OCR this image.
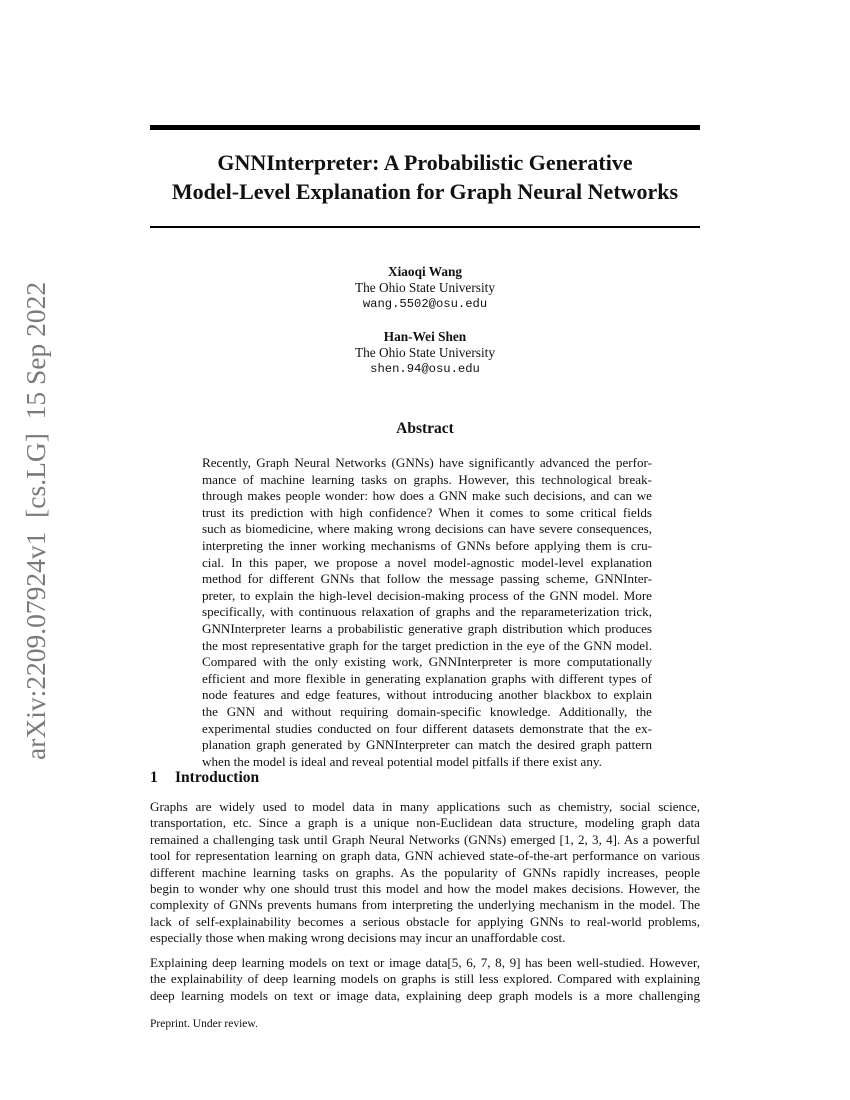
arXiv:2209.07924v1  [cs.LG]  15 Sep 2022
GNNInterpreter: A Probabilistic Generative
Model-Level Explanation for Graph Neural Networks
Xiaoqi Wang
The Ohio State University
wang.5502@osu.edu
Han-Wei Shen
The Ohio State University
shen.94@osu.edu
Abstract
Recently, Graph Neural Networks (GNNs) have significantly advanced the perfor-
mance of machine learning tasks on graphs. However, this technological break-
through makes people wonder: how does a GNN make such decisions, and can we
trust its prediction with high confidence? When it comes to some critical fields
such as biomedicine, where making wrong decisions can have severe consequences,
interpreting the inner working mechanisms of GNNs before applying them is cru-
cial. In this paper, we propose a novel model-agnostic model-level explanation
method for different GNNs that follow the message passing scheme, GNNInter-
preter, to explain the high-level decision-making process of the GNN model. More
specifically, with continuous relaxation of graphs and the reparameterization trick,
GNNInterpreter learns a probabilistic generative graph distribution which produces
the most representative graph for the target prediction in the eye of the GNN model.
Compared with the only existing work, GNNInterpreter is more computationally
efficient and more flexible in generating explanation graphs with different types of
node features and edge features, without introducing another blackbox to explain
the GNN and without requiring domain-specific knowledge. Additionally, the
experimental studies conducted on four different datasets demonstrate that the ex-
planation graph generated by GNNInterpreter can match the desired graph pattern
when the model is ideal and reveal potential model pitfalls if there exist any.
1 Introduction
Graphs are widely used to model data in many applications such as chemistry, social science,
transportation, etc. Since a graph is a unique non-Euclidean data structure, modeling graph data
remained a challenging task until Graph Neural Networks (GNNs) emerged [1, 2, 3, 4]. As a powerful
tool for representation learning on graph data, GNN achieved state-of-the-art performance on various
different machine learning tasks on graphs. As the popularity of GNNs rapidly increases, people
begin to wonder why one should trust this model and how the model makes decisions. However, the
complexity of GNNs prevents humans from interpreting the underlying mechanism in the model. The
lack of self-explainability becomes a serious obstacle for applying GNNs to real-world problems,
especially those when making wrong decisions may incur an unaffordable cost.
Explaining deep learning models on text or image data[5, 6, 7, 8, 9] has been well-studied. However,
the explainability of deep learning models on graphs is still less explored. Compared with explaining
deep learning models on text or image data, explaining deep graph models is a more challenging
Preprint. Under review.
